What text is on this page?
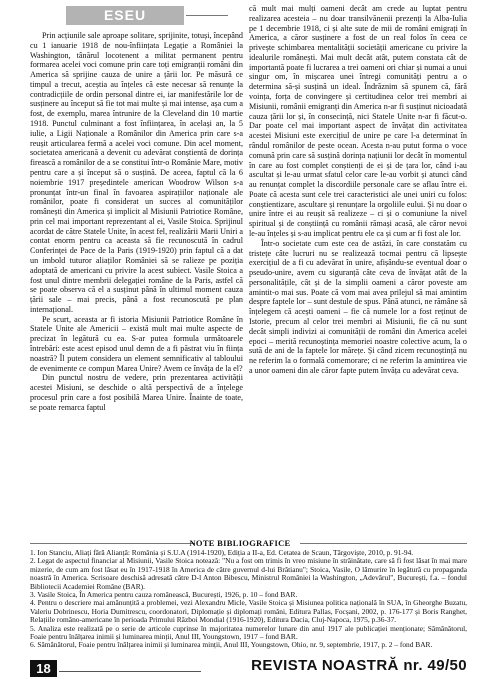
ESEU

Prin acțiunile sale aproape solitare, sprijinite, totuși, începând cu 1 ianuarie 1918 de nou-înființata Legație a României la Washington, tânărul locotenent a militat permanent pentru formarea acelei voci comune prin care toți emigranții români din America să sprijine cauza de unire a țării lor. Pe măsură ce timpul a trecut, aceștia au înțeles că este necesar să renunțe la contradicțiile de ordin personal dintre ei, iar manifestările lor de susținere au început să fie tot mai multe și mai intense, așa cum a fost, de exemplu, marea întrunire de la Cleveland din 10 martie 1918. Punctul culminant a fost înființarea, în același an, la 5 iulie, a Ligii Naționale a Românilor din America prin care s-a reușit articularea fermă a acelei voci comune. Din acel moment, societatea americană a devenit cu adevărat conștientă de dorința firească a românilor de a se constitui într-o Românie Mare, motiv pentru care a și început să o susțină. De aceea, faptul că la 6 noiembrie 1917 președintele american Woodrow Wilson s-a pronunțat într-un final în favoarea aspirațiilor naționale ale românilor, poate fi considerat un succes al comunităților românești din America și implicit al Misiunii Patriotice Române, prin cel mai important reprezentant al ei, Vasile Stoica. Sprijinul acordat de către Statele Unite, în acest fel, realizării Marii Uniri a contat enorm pentru ca aceasta să fie recunoscută în cadrul Conferinței de Pace de la Paris (1919-1920) prin faptul că a dat un imbold tuturor aliaților României să se ralieze pe poziția adoptată de americani cu privire la acest subiect. Vasile Stoica a fost unul dintre membrii delegației române de la Paris, astfel că se poate observa că el a susținut până în ultimul moment cauza țării sale – mai precis, până a fost recunoscută pe plan internațional.

Pe scurt, aceasta ar fi istoria Misiunii Patriotice Române în Statele Unite ale Americii – există mult mai multe aspecte de precizat în legătură cu ea. S-ar putea formula următoarele întrebări: este acest episod unul demn de a fi păstrat viu în ființa noastră? Îl putem considera un element semnificativ al tabloului de evenimente ce compun Marea Unire? Avem ce învăța de la el?

Din punctul nostru de vedere, prin prezentarea activității acestei Misiuni, se deschide o altă perspectivă de a înțelege procesul prin care a fost posibilă Marea Unire. Înainte de toate, se poate remarca faptul

că mult mai mulți oameni decât am crede au luptat pentru realizarea acesteia – nu doar transilvănenii prezenți la Alba-Iulia pe 1 decembrie 1918, ci și alte sute de mii de români emigrați în America, a căror susținere a fost de un real folos în ceea ce privește schimbarea mentalității societății americane cu privire la idealurile românești. Mai mult decât atât, putem constata cât de importantă poate fi lucrarea a trei oameni ori chiar și numai a unui singur om, în mișcarea unei întregi comunități pentru a o determina să-și susțină un ideal. Îndrăznim să spunem că, fără voința, forța de convingere și certitudinea celor trei membri ai Misiunii, românii emigranți din America n-ar fi susținut nicioadată cauza țării lor și, în consecință, nici Statele Unite n-ar fi făcut-o. Dar poate cel mai important aspect de învățat din activitatea acestei Misiuni este exercițiul de unire pe care l-a determinat în rândul românilor de peste ocean. Acesta n-au putut forma o voce comună prin care să susțină dorința națiunii lor decât în momentul în care au fost complet conștienți de ei și de țara lor, când i-au ascultat și le-au urmat sfatul celor care le-au vorbit și atunci când au renunțat complet la discordiile personale care se aflau între ei. Poate că acesta sunt cele trei caracteristici ale unei uniri cu folos: conștientizare, ascultare și renunțare la orgoliile eului. Și nu doar o unire între ei au reușit să realizeze – ci și o comuniune la nivel spiritual și de conștiință cu românii rămași acasă, ale căror nevoi le-au înțeles și s-au implicat pentru ele ca și cum ar fi fost ale lor.

Într-o societate cum este cea de astăzi, în care constatăm cu tristețe câte lucruri nu se realizează tocmai pentru că lipsește exercițiul de a fi cu adevărat în unire, afișându-se eventual doar o pseudo-unire, avem cu siguranță câte ceva de învățat atât de la personalitățile, cât și de la simplii oameni a căror poveste am amintit-o mai sus. Poate că vom mai avea prilejul să mai amintim despre faptele lor – sunt destule de spus. Până atunci, ne rămâne să înțelegem că acești oameni – fie că numele lor a fost reținut de Istorie, precum al celor trei membri ai Misiunii, fie că nu sunt decât simpli indivizi ai comunității de români din America acelei epoci – merită recunoștința memoriei noastre colective acum, la o sută de ani de la faptele lor mărețe. Și când zicem recunoștință nu ne referim la o formală comemorare; ci ne referim la amintirea vie a unor oameni din ale căror fapte putem învăța cu adevărat ceva.

NOTE BIBLIOGRAFICE

1. Ion Stanciu, Aliați fără Alianță: România și S.U.A (1914-1920), Ediția a II-a, Ed. Cetatea de Scaun, Târgoviște, 2010, p. 91-94.

2. Legat de aspectul financiar al Misiunii, Vasile Stoica notează: "Nu a fost om trimis în vreo misiune în străinătate, care să fi fost lăsat în mai mare mizerie, de cum am fost lăsat eu în 1917-1918 în America de către guvernul d-lui Brătianu"; Stoica, Vasile, O lămurire în legătură cu propaganda noastră în America. Scrisoare deschisă adresată către D-l Anton Bibescu, Ministrul României la Washington, „Adevărul", București, f.a. – fondul Bibliotecii Academiei Române (BAR).

3. Vasile Stoica, În America pentru cauza românească, București, 1926, p. 10 – fond BAR.

4. Pentru o descriere mai amănunțită a problemei, vezi Alexandru Micle, Vasile Stoica și Misiunea politica națională în SUA, în Gheorghe Buzatu, Valeriu Dobrinescu, Horia Dumitrescu, coordonatori, Diplomație și diplomați români, Editura Pallas, Focșani, 2002, p. 176-177 și Boris Ranghet, Relațiile româno-americane în perioada Primului Război Mondial (1916-1920), Editura Dacia, Cluj-Napoca, 1975, p.36-37.

5. Analiza este realizată pe o serie de articole cuprinse în majoritatea numerelor lunare din anul 1917 ale publicației menționate; Sămănătorul, Foaie pentru înălțarea inimii și luminarea minții, Anul III, Youngstown, 1917 – fond BAR.

6. Sămănătorul, Foaie pentru înălțarea inimii și luminarea minții, Anul III, Youngstown, Ohio, nr. 9, septembrie, 1917, p. 2 – fond BAR.

18	REVISTA NOASTRĂ nr. 49/50
